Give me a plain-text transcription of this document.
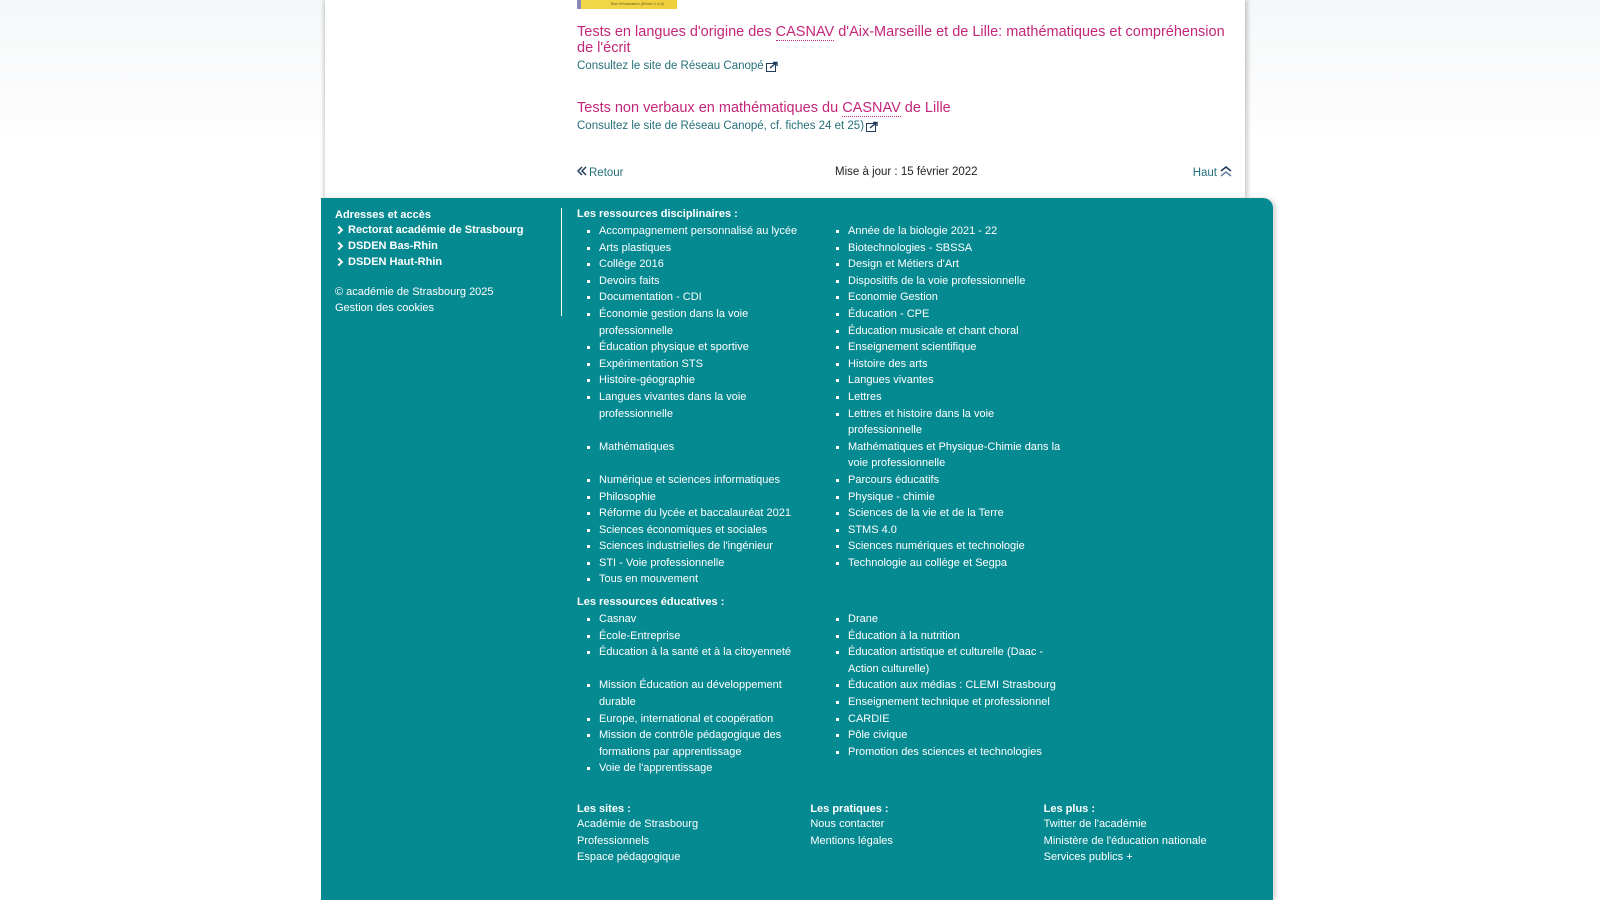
Test d'évaluation (fiches 1 à 5)
Tests en langues d'origine des CASNAV d'Aix-Marseille et de Lille: mathématiques et compréhension de l'écrit
Consultez le site de Réseau Canopé
Tests non verbaux en mathématiques du CASNAV de Lille
Consultez le site de Réseau Canopé, cf. fiches 24 et 25)
Retour	Mise à jour : 15 février 2022	Haut
Adresses et accès
Rectorat académie de Strasbourg
DSDEN Bas-Rhin
DSDEN Haut-Rhin
© académie de Strasbourg 2025
Gestion des cookies
Les ressources disciplinaires :
Accompagnement personnalisé au lycée
Arts plastiques
Collège 2016
Devoirs faits
Documentation - CDI
Économie gestion dans la voie professionnelle
Éducation physique et sportive
Expérimentation STS
Histoire-géographie
Langues vivantes dans la voie professionnelle
Mathématiques
Numérique et sciences informatiques
Philosophie
Réforme du lycée et baccalauréat 2021
Sciences économiques et sociales
Sciences industrielles de l'ingénieur
STI - Voie professionnelle
Tous en mouvement
Année de la biologie 2021 - 22
Biotechnologies - SBSSA
Design et Métiers d'Art
Dispositifs de la voie professionnelle
Economie Gestion
Éducation - CPE
Éducation musicale et chant choral
Enseignement scientifique
Histoire des arts
Langues vivantes
Lettres
Lettres et histoire dans la voie professionnelle
Mathématiques et Physique-Chimie dans la voie professionnelle
Parcours éducatifs
Physique - chimie
Sciences de la vie et de la Terre
STMS 4.0
Sciences numériques et technologie
Technologie au collège et Segpa
Les ressources éducatives :
Casnav
École-Entreprise
Éducation à la santé et à la citoyenneté
Mission Éducation au développement durable
Europe, international et coopération
Mission de contrôle pédagogique des formations par apprentissage
Voie de l'apprentissage
Drane
Éducation à la nutrition
Éducation artistique et culturelle (Daac - Action culturelle)
Éducation aux médias : CLEMI Strasbourg
Enseignement technique et professionnel
CARDIE
Pôle civique
Promotion des sciences et technologies
Les sites :
Académie de Strasbourg
Professionnels
Espace pédagogique
Les pratiques :
Nous contacter
Mentions légales
Les plus :
Twitter de l'académie
Ministère de l'éducation nationale
Services publics +
